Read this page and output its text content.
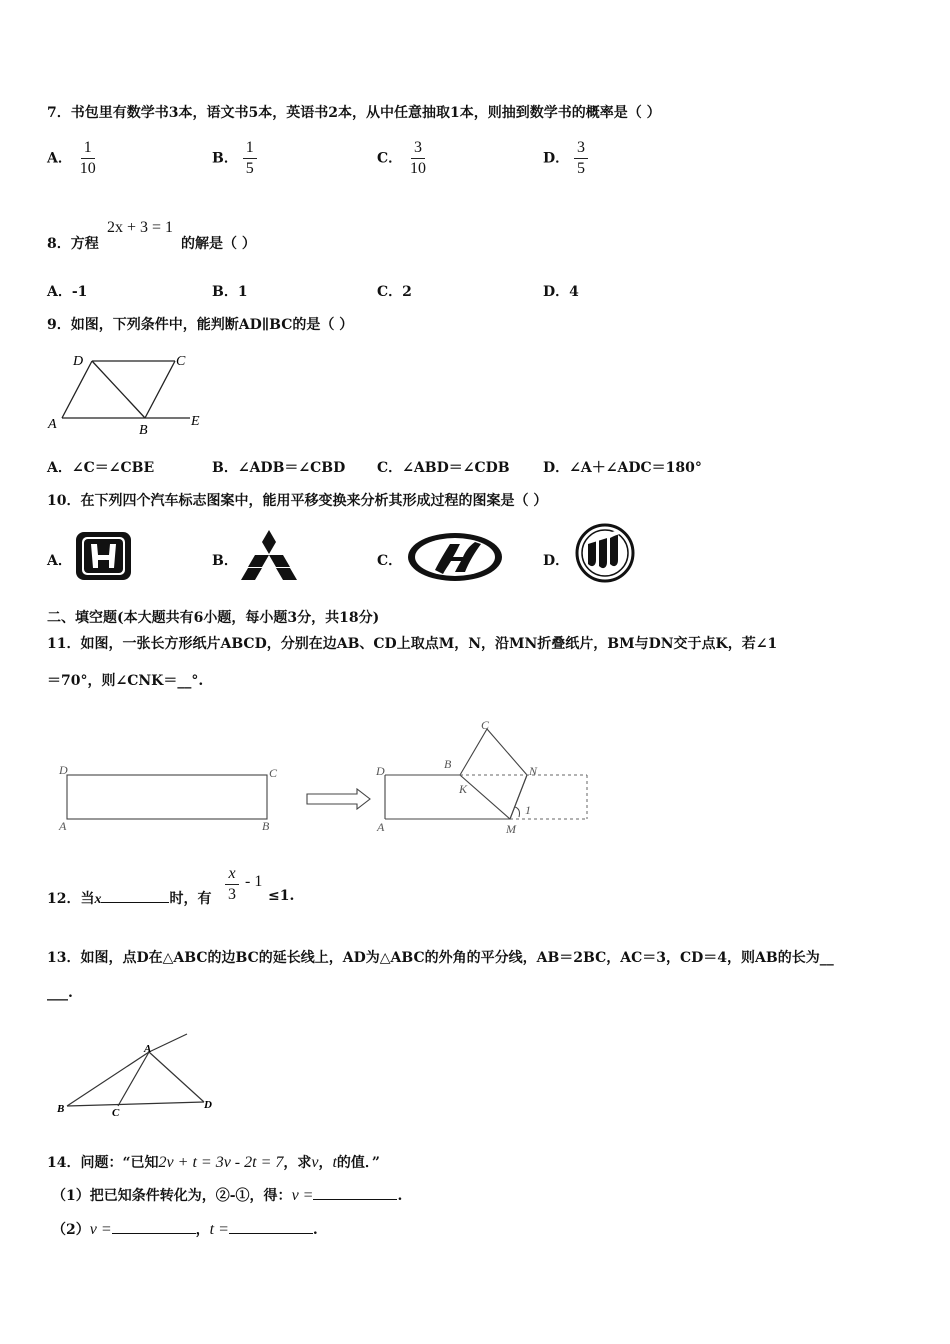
7．书包里有数学书3本，语文书5本，英语书2本，从中任意抽取1本，则抽到数学书的概率是（ ）
A． $\frac{1}{10}$	B． $\frac{1}{5}$	C． $\frac{3}{10}$	D． $\frac{3}{5}$
8．方程
2x + 3 = 1
的解是（ ）
A．-1	B．1	C．2	D．4
9．如图，下列条件中，能判断AD∥BC的是（ ）
D	C
A	B
E
A．∠C＝∠CBE	B．∠ADB＝∠CBD C．∠ABD＝∠CDB D．∠A＋∠ADC＝180°
10．在下列四个汽车标志图案中，能用平移变换来分析其形成过程的图案是（ ）
A．	B．	C．	D．
二、填空题(本大题共有6小题，每小题3分，共18分)
11．如图，一张长方形纸片ABCD，分别在边AB、CD上取点M，N，沿MN折叠纸片，BM与DN交于点K，若∠1
＝70°，则∠CNK＝__°.
D	C
A	B
C
B	N
D
K
1
A	M
12．当x	时，有 $\frac{x}{3} - 1$
≤1.
13．如图，点D在△ABC的边BC的延长线上，AD为△ABC的外角的平分线，AB＝2BC，AC＝3，CD＝4，则AB的长为__
___.
A
B	C
D
14．问题：“已知2v + t = 3v - 2t = 7，求v，t的值．”
（1）把已知条件转化为，②-①，得：v =	.
（2）v =	，t =	.
